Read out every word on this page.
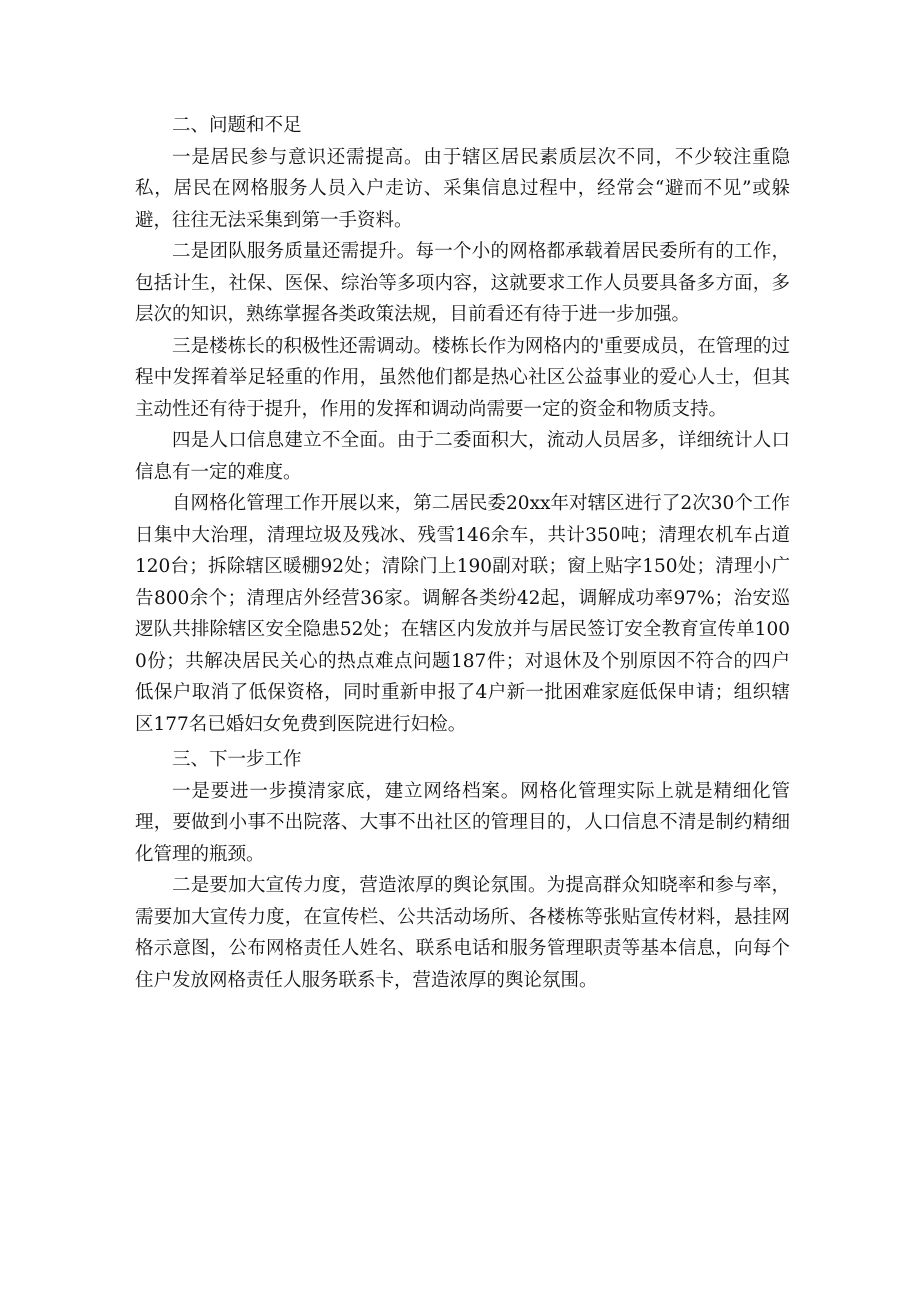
二、问题和不足

一是居民参与意识还需提高。由于辖区居民素质层次不同，不少较注重隐私，居民在网格服务人员入户走访、采集信息过程中，经常会“避而不见”或躲避，往往无法采集到第一手资料。

二是团队服务质量还需提升。每一个小的网格都承载着居民委所有的工作，包括计生，社保、医保、综治等多项内容，这就要求工作人员要具备多方面，多层次的知识，熟练掌握各类政策法规，目前看还有待于进一步加强。

三是楼栋长的积极性还需调动。楼栋长作为网格内的'重要成员，在管理的过程中发挥着举足轻重的作用，虽然他们都是热心社区公益事业的爱心人士，但其主动性还有待于提升，作用的发挥和调动尚需要一定的资金和物质支持。

四是人口信息建立不全面。由于二委面积大，流动人员居多，详细统计人口信息有一定的难度。

自网格化管理工作开展以来，第二居民委20xx年对辖区进行了2次30个工作日集中大治理，清理垃圾及残冰、残雪146余车，共计350吨；清理农机车占道120台；拆除辖区暖棚92处；清除门上190副对联；窗上贴字150处；清理小广告800余个；清理店外经营36家。调解各类纷42起，调解成功率97%；治安巡逻队共排除辖区安全隐患52处；在辖区内发放并与居民签订安全教育宣传单1000份；共解决居民关心的热点难点问题187件；对退休及个别原因不符合的四户低保户取消了低保资格，同时重新申报了4户新一批困难家庭低保申请；组织辖区177名已婚妇女免费到医院进行妇检。

三、下一步工作

一是要进一步摸清家底，建立网络档案。网格化管理实际上就是精细化管理，要做到小事不出院落、大事不出社区的管理目的，人口信息不清是制约精细化管理的瓶颈。

二是要加大宣传力度，营造浓厚的舆论氛围。为提高群众知晓率和参与率，需要加大宣传力度，在宣传栏、公共活动场所、各楼栋等张贴宣传材料，悬挂网格示意图，公布网格责任人姓名、联系电话和服务管理职责等基本信息，向每个住户发放网格责任人服务联系卡，营造浓厚的舆论氛围。
